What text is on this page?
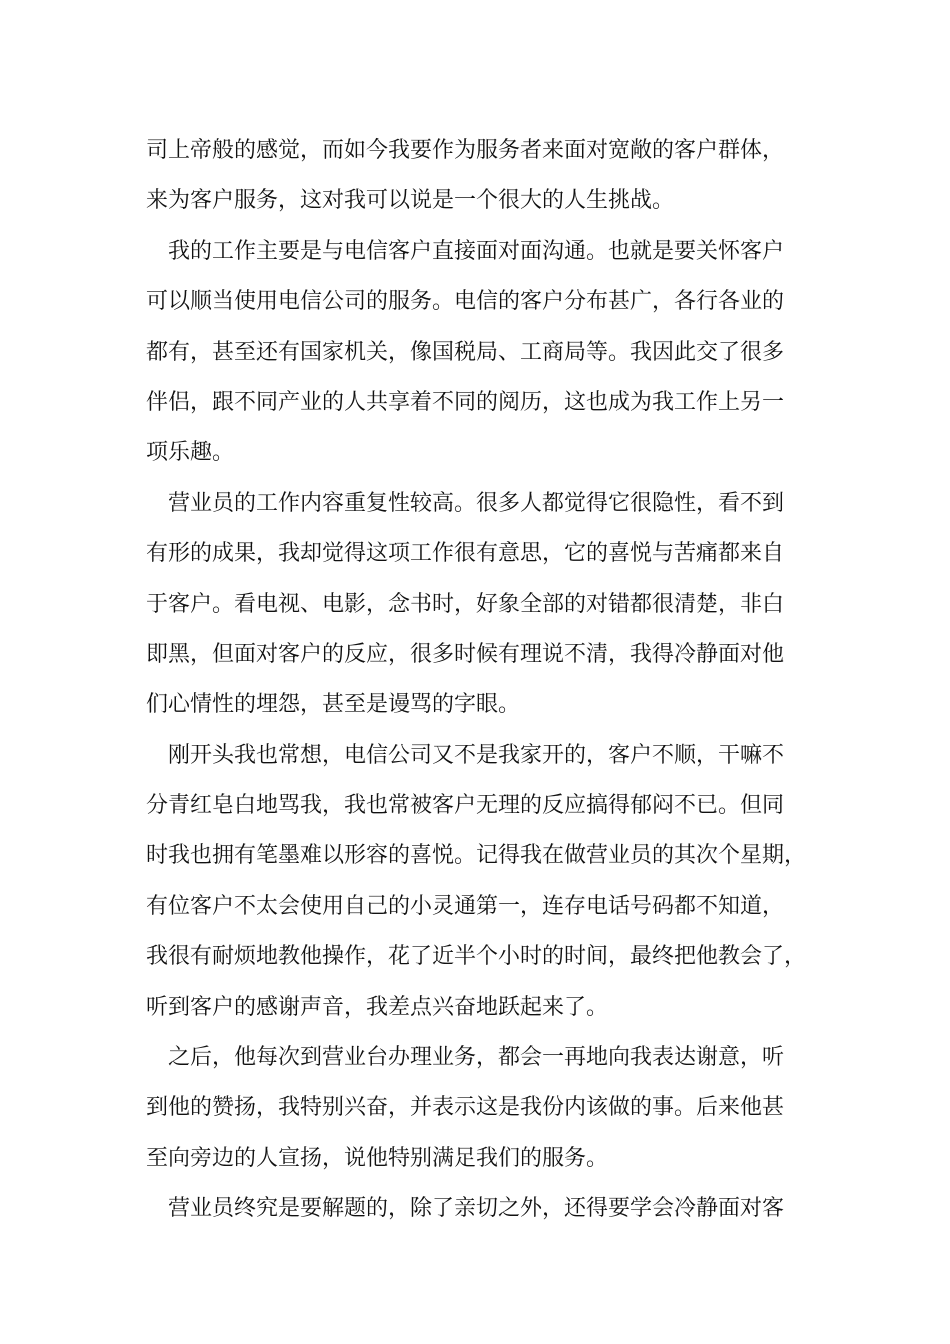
司上帝般的感觉，而如今我要作为服务者来面对宽敞的客户群体，
来为客户服务，这对我可以说是一个很大的人生挑战。
我的工作主要是与电信客户直接面对面沟通。也就是要关怀客户
可以顺当使用电信公司的服务。电信的客户分布甚广，各行各业的
都有，甚至还有国家机关，像国税局、工商局等。我因此交了很多
伴侣，跟不同产业的人共享着不同的阅历，这也成为我工作上另一
项乐趣。
营业员的工作内容重复性较高。很多人都觉得它很隐性，看不到
有形的成果，我却觉得这项工作很有意思，它的喜悦与苦痛都来自
于客户。看电视、电影，念书时，好象全部的对错都很清楚，非白
即黑，但面对客户的反应，很多时候有理说不清，我得冷静面对他
们心情性的埋怨，甚至是谩骂的字眼。
刚开头我也常想，电信公司又不是我家开的，客户不顺，干嘛不
分青红皂白地骂我，我也常被客户无理的反应搞得郁闷不已。但同
时我也拥有笔墨难以形容的喜悦。记得我在做营业员的其次个星期，
有位客户不太会使用自己的小灵通第一，连存电话号码都不知道，
我很有耐烦地教他操作，花了近半个小时的时间，最终把他教会了，
听到客户的感谢声音，我差点兴奋地跃起来了。
之后，他每次到营业台办理业务，都会一再地向我表达谢意，听
到他的赞扬，我特别兴奋，并表示这是我份内该做的事。后来他甚
至向旁边的人宣扬，说他特别满足我们的服务。
营业员终究是要解题的，除了亲切之外，还得要学会冷静面对客
